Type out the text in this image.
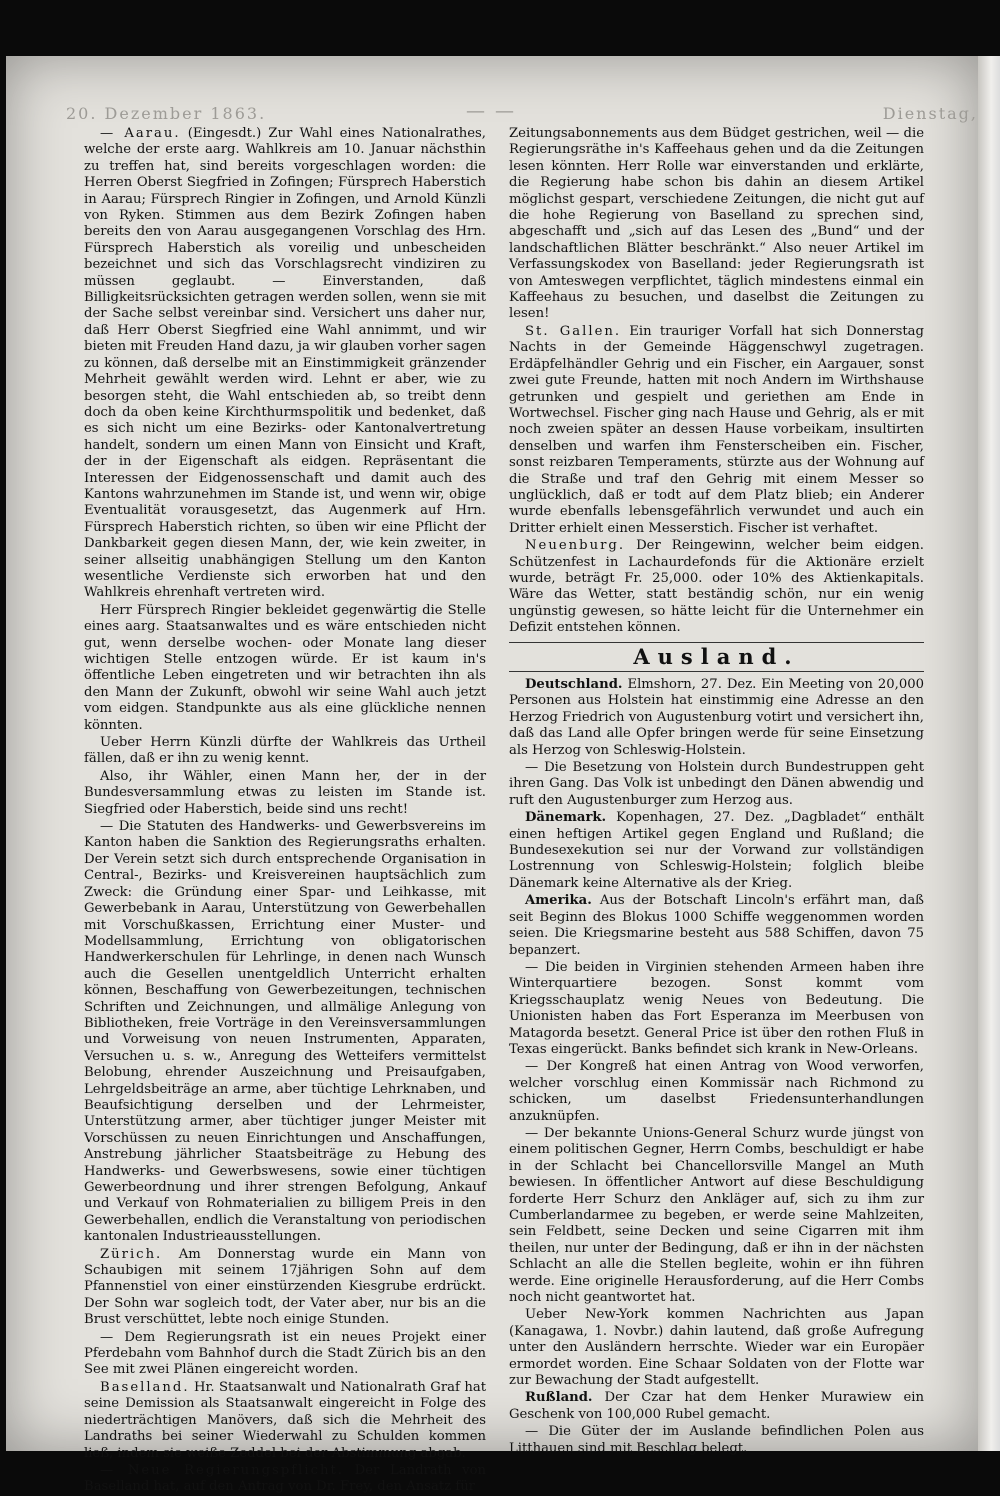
20. Dezember 1863.	— —	Dienstag,

— Aarau. (Eingesdt.) Zur Wahl eines Nationalrathes, welche der erste aarg. Wahlkreis am 10. Januar nächsthin zu treffen hat, sind bereits vorgeschlagen worden: die Herren Oberst Siegfried in Zofingen; Fürsprech Haberstich in Aarau; Fürsprech Ringier in Zofingen, und Arnold Künzli von Ryken. Stimmen aus dem Bezirk Zofingen haben bereits den von Aarau ausgegangenen Vorschlag des Hrn. Fürsprech Haberstich als voreilig und unbescheiden bezeichnet und sich das Vorschlagsrecht vindiziren zu müssen geglaubt. — Einverstanden, daß Billigkeitsrücksichten getragen werden sollen, wenn sie mit der Sache selbst vereinbar sind. Versichert uns daher nur, daß Herr Oberst Siegfried eine Wahl annimmt, und wir bieten mit Freuden Hand dazu, ja wir glauben vorher sagen zu können, daß derselbe mit an Einstimmigkeit gränzender Mehrheit gewählt werden wird. Lehnt er aber, wie zu besorgen steht, die Wahl entschieden ab, so treibt denn doch da oben keine Kirchthurmspolitik und bedenket, daß es sich nicht um eine Bezirks- oder Kantonalvertretung handelt, sondern um einen Mann von Einsicht und Kraft, der in der Eigenschaft als eidgen. Repräsentant die Interessen der Eidgenossenschaft und damit auch des Kantons wahrzunehmen im Stande ist, und wenn wir, obige Eventualität vorausgesetzt, das Augenmerk auf Hrn. Fürsprech Haberstich richten, so üben wir eine Pflicht der Dankbarkeit gegen diesen Mann, der, wie kein zweiter, in seiner allseitig unabhängigen Stellung um den Kanton wesentliche Verdienste sich erworben hat und den Wahlkreis ehrenhaft vertreten wird.

Herr Fürsprech Ringier bekleidet gegenwärtig die Stelle eines aarg. Staatsanwaltes und es wäre entschieden nicht gut, wenn derselbe wochen- oder Monate lang dieser wichtigen Stelle entzogen würde. Er ist kaum in's öffentliche Leben eingetreten und wir betrachten ihn als den Mann der Zukunft, obwohl wir seine Wahl auch jetzt vom eidgen. Standpunkte aus als eine glückliche nennen könnten.

Ueber Herrn Künzli dürfte der Wahlkreis das Urtheil fällen, daß er ihn zu wenig kennt.

Also, ihr Wähler, einen Mann her, der in der Bundesversammlung etwas zu leisten im Stande ist. Siegfried oder Haberstich, beide sind uns recht!

— Die Statuten des Handwerks- und Gewerbsvereins im Kanton haben die Sanktion des Regierungsraths erhalten. Der Verein setzt sich durch entsprechende Organisation in Central-, Bezirks- und Kreisvereinen hauptsächlich zum Zweck: die Gründung einer Spar- und Leihkasse, mit Gewerbebank in Aarau, Unterstützung von Gewerbehallen mit Vorschußkassen, Errichtung einer Muster- und Modellsammlung, Errichtung von obligatorischen Handwerkerschulen für Lehrlinge, in denen nach Wunsch auch die Gesellen unentgeldlich Unterricht erhalten können, Beschaffung von Gewerbezeitungen, technischen Schriften und Zeichnungen, und allmälige Anlegung von Bibliotheken, freie Vorträge in den Vereinsversammlungen und Vorweisung von neuen Instrumenten, Apparaten, Versuchen u. s. w., Anregung des Wetteifers vermittelst Belobung, ehrender Auszeichnung und Preisaufgaben, Lehrgeldsbeiträge an arme, aber tüchtige Lehrknaben, und Beaufsichtigung derselben und der Lehrmeister, Unterstützung armer, aber tüchtiger junger Meister mit Vorschüssen zu neuen Einrichtungen und Anschaffungen, Anstrebung jährlicher Staatsbeiträge zu Hebung des Handwerks- und Gewerbswesens, sowie einer tüchtigen Gewerbeordnung und ihrer strengen Befolgung, Ankauf und Verkauf von Rohmaterialien zu billigem Preis in den Gewerbehallen, endlich die Veranstaltung von periodischen kantonalen Industrieausstellungen.

Zürich. Am Donnerstag wurde ein Mann von Schaubigen mit seinem 17jährigen Sohn auf dem Pfannenstiel von einer einstürzenden Kiesgrube erdrückt. Der Sohn war sogleich todt, der Vater aber, nur bis an die Brust verschüttet, lebte noch einige Stunden.

— Dem Regierungsrath ist ein neues Projekt einer Pferdebahn vom Bahnhof durch die Stadt Zürich bis an den See mit zwei Plänen eingereicht worden.

Baselland. Hr. Staatsanwalt und Nationalrath Graf hat seine Demission als Staatsanwalt eingereicht in Folge des niederträchtigen Manövers, daß sich die Mehrheit des Landraths bei seiner Wiederwahl zu Schulden kommen ließ, indem sie weiße Zeddel bei der Abstimmung abgab.

— Neue Regierungspflicht. Der Landrath von Baselland hat, auf den Antrag von Dr. Frey, den Ansatz für

Zeitungsabonnements aus dem Büdget gestrichen, weil — die Regierungsräthe in's Kaffeehaus gehen und da die Zeitungen lesen könnten. Herr Rolle war einverstanden und erklärte, die Regierung habe schon bis dahin an diesem Artikel möglichst gespart, verschiedene Zeitungen, die nicht gut auf die hohe Regierung von Baselland zu sprechen sind, abgeschafft und „sich auf das Lesen des „Bund“ und der landschaftlichen Blätter beschränkt.“ Also neuer Artikel im Verfassungskodex von Baselland: jeder Regierungsrath ist von Amteswegen verpflichtet, täglich mindestens einmal ein Kaffeehaus zu besuchen, und daselbst die Zeitungen zu lesen!

St. Gallen. Ein trauriger Vorfall hat sich Donnerstag Nachts in der Gemeinde Häggenschwyl zugetragen. Erdäpfelhändler Gehrig und ein Fischer, ein Aargauer, sonst zwei gute Freunde, hatten mit noch Andern im Wirthshause getrunken und gespielt und geriethen am Ende in Wortwechsel. Fischer ging nach Hause und Gehrig, als er mit noch zweien später an dessen Hause vorbeikam, insultirten denselben und warfen ihm Fensterscheiben ein. Fischer, sonst reizbaren Temperaments, stürzte aus der Wohnung auf die Straße und traf den Gehrig mit einem Messer so unglücklich, daß er todt auf dem Platz blieb; ein Anderer wurde ebenfalls lebensgefährlich verwundet und auch ein Dritter erhielt einen Messerstich. Fischer ist verhaftet.

Neuenburg. Der Reingewinn, welcher beim eidgen. Schützenfest in Lachaurdefonds für die Aktionäre erzielt wurde, beträgt Fr. 25,000. oder 10% des Aktienkapitals. Wäre das Wetter, statt beständig schön, nur ein wenig ungünstig gewesen, so hätte leicht für die Unternehmer ein Defizit entstehen können.

Ausland.

Deutschland. Elmshorn, 27. Dez. Ein Meeting von 20,000 Personen aus Holstein hat einstimmig eine Adresse an den Herzog Friedrich von Augustenburg votirt und versichert ihn, daß das Land alle Opfer bringen werde für seine Einsetzung als Herzog von Schleswig-Holstein.

— Die Besetzung von Holstein durch Bundestruppen geht ihren Gang. Das Volk ist unbedingt den Dänen abwendig und ruft den Augustenburger zum Herzog aus.

Dänemark. Kopenhagen, 27. Dez. „Dagbladet“ enthält einen heftigen Artikel gegen England und Rußland; die Bundesexekution sei nur der Vorwand zur vollständigen Lostrennung von Schleswig-Holstein; folglich bleibe Dänemark keine Alternative als der Krieg.

Amerika. Aus der Botschaft Lincoln's erfährt man, daß seit Beginn des Blokus 1000 Schiffe weggenommen worden seien. Die Kriegsmarine besteht aus 588 Schiffen, davon 75 bepanzert.

— Die beiden in Virginien stehenden Armeen haben ihre Winterquartiere bezogen. Sonst kommt vom Kriegsschauplatz wenig Neues von Bedeutung. Die Unionisten haben das Fort Esperanza im Meerbusen von Matagorda besetzt. General Price ist über den rothen Fluß in Texas eingerückt. Banks befindet sich krank in New-Orleans.

— Der Kongreß hat einen Antrag von Wood verworfen, welcher vorschlug einen Kommissär nach Richmond zu schicken, um daselbst Friedensunterhandlungen anzuknüpfen.

— Der bekannte Unions-General Schurz wurde jüngst von einem politischen Gegner, Herrn Combs, beschuldigt er habe in der Schlacht bei Chancellorsville Mangel an Muth bewiesen. In öffentlicher Antwort auf diese Beschuldigung forderte Herr Schurz den Ankläger auf, sich zu ihm zur Cumberlandarmee zu begeben, er werde seine Mahlzeiten, sein Feldbett, seine Decken und seine Cigarren mit ihm theilen, nur unter der Bedingung, daß er ihn in der nächsten Schlacht an alle die Stellen begleite, wohin er ihn führen werde. Eine originelle Herausforderung, auf die Herr Combs noch nicht geantwortet hat.

Ueber New-York kommen Nachrichten aus Japan (Kanagawa, 1. Novbr.) dahin lautend, daß große Aufregung unter den Ausländern herrschte. Wieder war ein Europäer ermordet worden. Eine Schaar Soldaten von der Flotte war zur Bewachung der Stadt aufgestellt.

Rußland. Der Czar hat dem Henker Murawiew ein Geschenk von 100,000 Rubel gemacht.

— Die Güter der im Auslande befindlichen Polen aus Litthauen sind mit Beschlag belegt.
